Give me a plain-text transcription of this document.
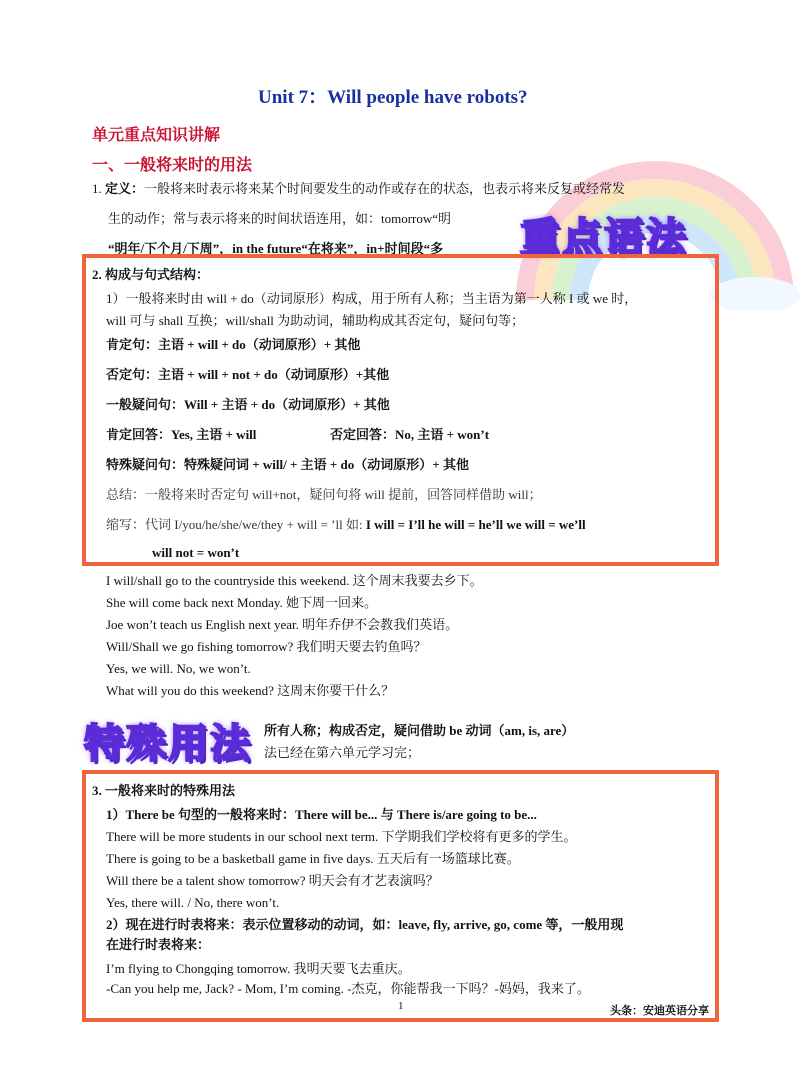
Unit 7：Will people have robots?
单元重点知识讲解
一、一般将来时的用法
1. 定义：一般将来时表示将来某个时间要发生的动作或存在的状态，也表示将来反复或经常发
生的动作；常与表示将来的时间状语连用，如：tomorrow“明
“明年/下个月/下周”，in the future“在将来”，in+时间段“多 重点语法
2. 构成与句式结构：
1）一般将来时由 will + do（动词原形）构成，用于所有人称；当主语为第一人称 I 或 we 时，
will 可与 shall 互换；will/shall 为助动词，辅助构成其否定句，疑问句等；
肯定句：主语 + will + do（动词原形）+ 其他
否定句：主语 + will + not + do（动词原形）+其他
一般疑问句：Will + 主语 + do（动词原形）+ 其他
肯定回答：Yes, 主语 + will	否定回答：No, 主语 + won’t
特殊疑问句：特殊疑问词 + will/ + 主语 + do（动词原形）+ 其他
总结：一般将来时否定句 will+not，疑问句将 will 提前，回答同样借助 will；
缩写：代词 I/you/he/she/we/they + will = ’ll 如: I will = I’ll he will = he’ll we will = we’ll
will not = won’t
I will/shall go to the countryside this weekend. 这个周末我要去乡下。
She will come back next Monday. 她下周一回来。
Joe won’t teach us English next year. 明年乔伊不会教我们英语。
Will/Shall we go fishing tomorrow? 我们明天要去钓鱼吗？
Yes, we will. No, we won’t.
What will you do this weekend? 这周末你要干什么？
所有人称；构成否定，疑问借助 be 动词（am, is, are）
法已经在第六单元学习完；
特殊用法
3. 一般将来时的特殊用法
1）There be 句型的一般将来时：There will be... 与 There is/are going to be...
There will be more students in our school next term. 下学期我们学校将有更多的学生。
There is going to be a basketball game in five days. 五天后有一场篮球比赛。
Will there be a talent show tomorrow? 明天会有才艺表演吗？
Yes, there will. / No, there won’t.
2）现在进行时表将来：表示位置移动的动词，如：leave, fly, arrive, go, come 等，一般用现
在进行时表将来：
I’m flying to Chongqing tomorrow. 我明天要飞去重庆。
-Can you help me, Jack? - Mom, I’m coming. -杰克，你能帮我一下吗？-妈妈，我来了。
1	头条：安迪英语分享
